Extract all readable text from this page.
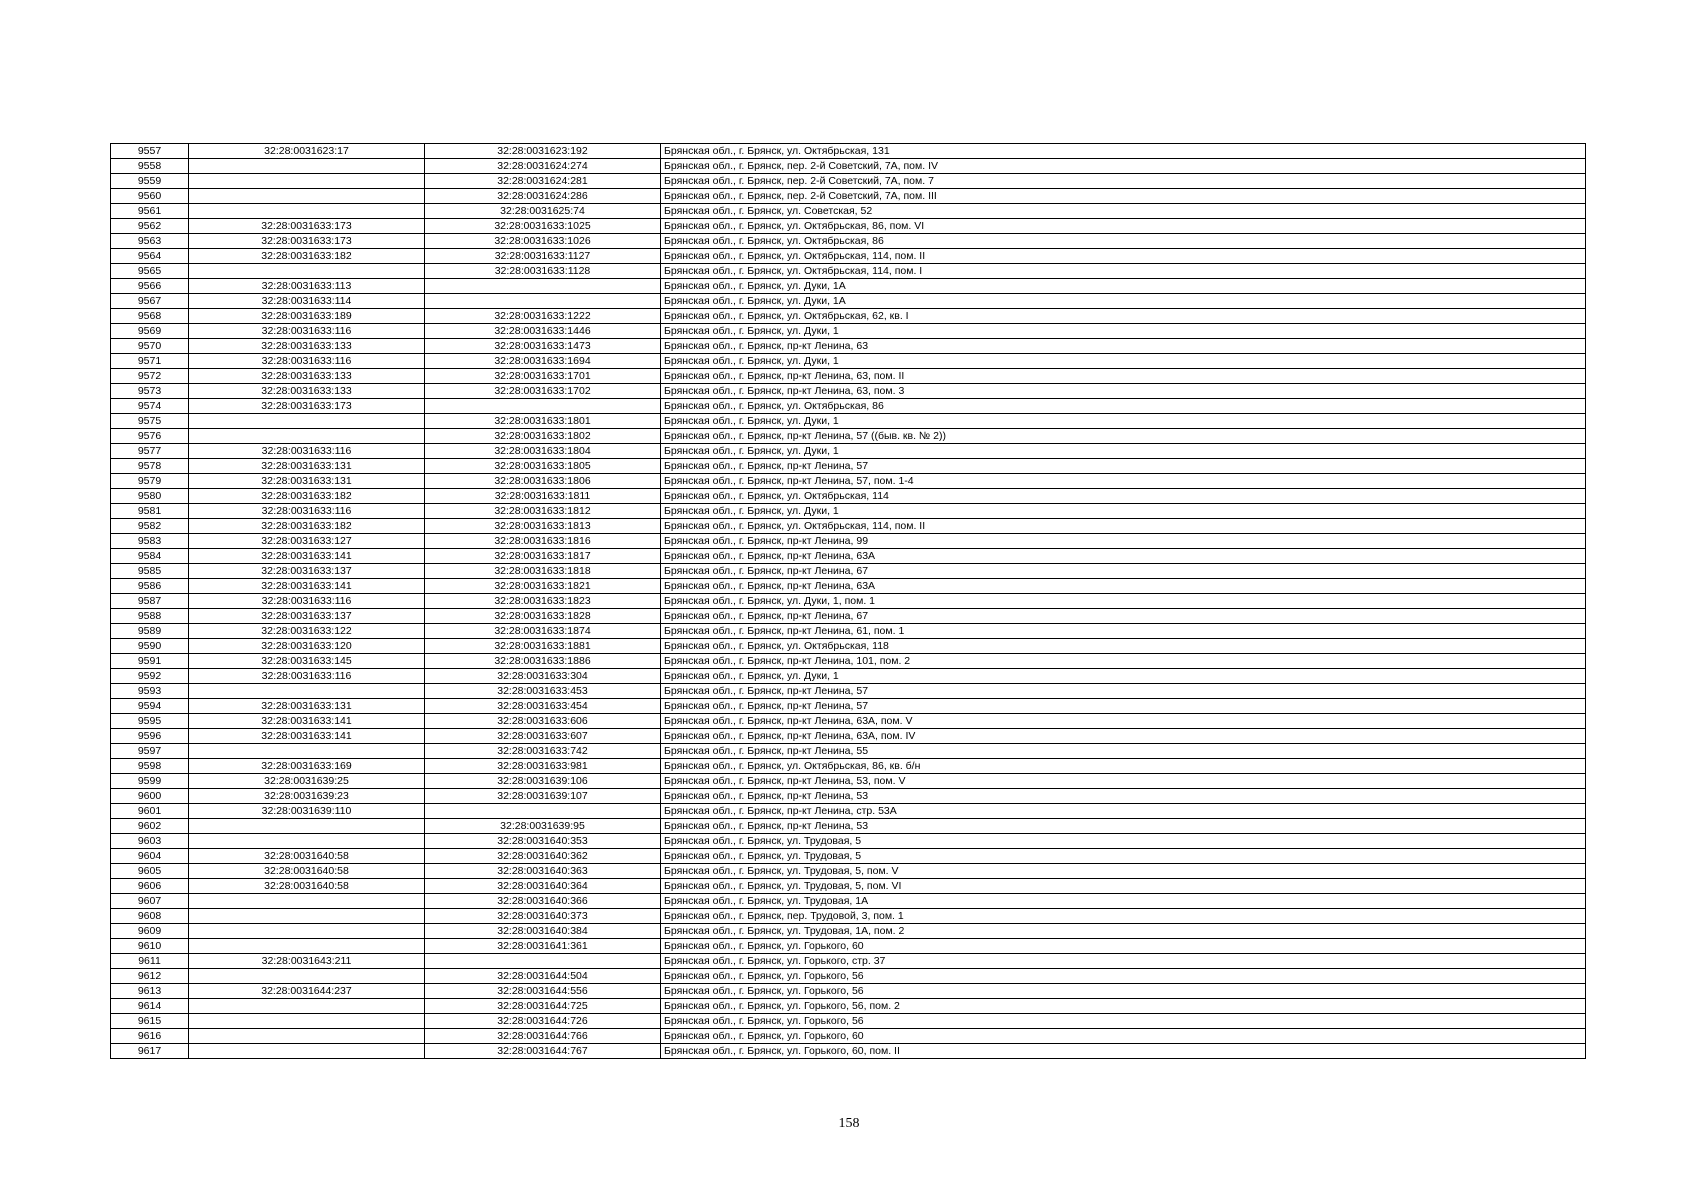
9557	32:28:0031623:17	32:28:0031623:192	Брянская обл., г. Брянск, ул. Октябрьская, 131
9558		32:28:0031624:274	Брянская обл., г. Брянск, пер. 2-й Советский, 7А, пом. IV
9559		32:28:0031624:281	Брянская обл., г. Брянск, пер. 2-й Советский, 7А, пом. 7
9560		32:28:0031624:286	Брянская обл., г. Брянск, пер. 2-й Советский, 7А, пом. III
9561		32:28:0031625:74	Брянская обл., г. Брянск, ул. Советская, 52
9562	32:28:0031633:173	32:28:0031633:1025	Брянская обл., г. Брянск, ул. Октябрьская, 86, пом. VI
9563	32:28:0031633:173	32:28:0031633:1026	Брянская обл., г. Брянск, ул. Октябрьская, 86
9564	32:28:0031633:182	32:28:0031633:1127	Брянская обл., г. Брянск, ул. Октябрьская, 114, пом. II
9565		32:28:0031633:1128	Брянская обл., г. Брянск, ул. Октябрьская, 114, пом. I
9566	32:28:0031633:113		Брянская обл., г. Брянск, ул. Дуки, 1А
9567	32:28:0031633:114		Брянская обл., г. Брянск, ул. Дуки, 1А
9568	32:28:0031633:189	32:28:0031633:1222	Брянская обл., г. Брянск, ул. Октябрьская, 62, кв. I
9569	32:28:0031633:116	32:28:0031633:1446	Брянская обл., г. Брянск, ул. Дуки, 1
9570	32:28:0031633:133	32:28:0031633:1473	Брянская обл., г. Брянск, пр-кт Ленина, 63
9571	32:28:0031633:116	32:28:0031633:1694	Брянская обл., г. Брянск, ул. Дуки, 1
9572	32:28:0031633:133	32:28:0031633:1701	Брянская обл., г. Брянск, пр-кт Ленина, 63, пом. II
9573	32:28:0031633:133	32:28:0031633:1702	Брянская обл., г. Брянск, пр-кт Ленина, 63, пом. 3
9574	32:28:0031633:173		Брянская обл., г. Брянск, ул. Октябрьская, 86
9575		32:28:0031633:1801	Брянская обл., г. Брянск, ул. Дуки, 1
9576		32:28:0031633:1802	Брянская обл., г. Брянск, пр-кт Ленина, 57 ((быв. кв. № 2))
9577	32:28:0031633:116	32:28:0031633:1804	Брянская обл., г. Брянск, ул. Дуки, 1
9578	32:28:0031633:131	32:28:0031633:1805	Брянская обл., г. Брянск, пр-кт Ленина, 57
9579	32:28:0031633:131	32:28:0031633:1806	Брянская обл., г. Брянск, пр-кт Ленина, 57, пом. 1-4
9580	32:28:0031633:182	32:28:0031633:1811	Брянская обл., г. Брянск, ул. Октябрьская, 114
9581	32:28:0031633:116	32:28:0031633:1812	Брянская обл., г. Брянск, ул. Дуки, 1
9582	32:28:0031633:182	32:28:0031633:1813	Брянская обл., г. Брянск, ул. Октябрьская, 114, пом. II
9583	32:28:0031633:127	32:28:0031633:1816	Брянская обл., г. Брянск, пр-кт Ленина, 99
9584	32:28:0031633:141	32:28:0031633:1817	Брянская обл., г. Брянск, пр-кт Ленина, 63А
9585	32:28:0031633:137	32:28:0031633:1818	Брянская обл., г. Брянск, пр-кт Ленина, 67
9586	32:28:0031633:141	32:28:0031633:1821	Брянская обл., г. Брянск, пр-кт Ленина, 63А
9587	32:28:0031633:116	32:28:0031633:1823	Брянская обл., г. Брянск, ул. Дуки, 1, пом. 1
9588	32:28:0031633:137	32:28:0031633:1828	Брянская обл., г. Брянск, пр-кт Ленина, 67
9589	32:28:0031633:122	32:28:0031633:1874	Брянская обл., г. Брянск, пр-кт Ленина, 61, пом. 1
9590	32:28:0031633:120	32:28:0031633:1881	Брянская обл., г. Брянск, ул. Октябрьская, 118
9591	32:28:0031633:145	32:28:0031633:1886	Брянская обл., г. Брянск, пр-кт Ленина, 101, пом. 2
9592	32:28:0031633:116	32:28:0031633:304	Брянская обл., г. Брянск, ул. Дуки, 1
9593		32:28:0031633:453	Брянская обл., г. Брянск, пр-кт Ленина, 57
9594	32:28:0031633:131	32:28:0031633:454	Брянская обл., г. Брянск, пр-кт Ленина, 57
9595	32:28:0031633:141	32:28:0031633:606	Брянская обл., г. Брянск, пр-кт Ленина, 63А, пом. V
9596	32:28:0031633:141	32:28:0031633:607	Брянская обл., г. Брянск, пр-кт Ленина, 63А, пом. IV
9597		32:28:0031633:742	Брянская обл., г. Брянск, пр-кт Ленина, 55
9598	32:28:0031633:169	32:28:0031633:981	Брянская обл., г. Брянск, ул. Октябрьская, 86, кв. б/н
9599	32:28:0031639:25	32:28:0031639:106	Брянская обл., г. Брянск, пр-кт Ленина, 53, пом. V
9600	32:28:0031639:23	32:28:0031639:107	Брянская обл., г. Брянск, пр-кт Ленина, 53
9601	32:28:0031639:110		Брянская обл., г. Брянск, пр-кт Ленина, стр. 53А
9602		32:28:0031639:95	Брянская обл., г. Брянск, пр-кт Ленина, 53
9603		32:28:0031640:353	Брянская обл., г. Брянск, ул. Трудовая, 5
9604	32:28:0031640:58	32:28:0031640:362	Брянская обл., г. Брянск, ул. Трудовая, 5
9605	32:28:0031640:58	32:28:0031640:363	Брянская обл., г. Брянск, ул. Трудовая, 5, пом. V
9606	32:28:0031640:58	32:28:0031640:364	Брянская обл., г. Брянск, ул. Трудовая, 5, пом. VI
9607		32:28:0031640:366	Брянская обл., г. Брянск, ул. Трудовая, 1А
9608		32:28:0031640:373	Брянская обл., г. Брянск, пер. Трудовой, 3, пом. 1
9609		32:28:0031640:384	Брянская обл., г. Брянск, ул. Трудовая, 1А, пом. 2
9610		32:28:0031641:361	Брянская обл., г. Брянск, ул. Горького, 60
9611	32:28:0031643:211		Брянская обл., г. Брянск, ул. Горького, стр. 37
9612		32:28:0031644:504	Брянская обл., г. Брянск, ул. Горького, 56
9613	32:28:0031644:237	32:28:0031644:556	Брянская обл., г. Брянск, ул. Горького, 56
9614		32:28:0031644:725	Брянская обл., г. Брянск, ул. Горького, 56, пом. 2
9615		32:28:0031644:726	Брянская обл., г. Брянск, ул. Горького, 56
9616		32:28:0031644:766	Брянская обл., г. Брянск, ул. Горького, 60
9617		32:28:0031644:767	Брянская обл., г. Брянск, ул. Горького, 60, пом. II
158
